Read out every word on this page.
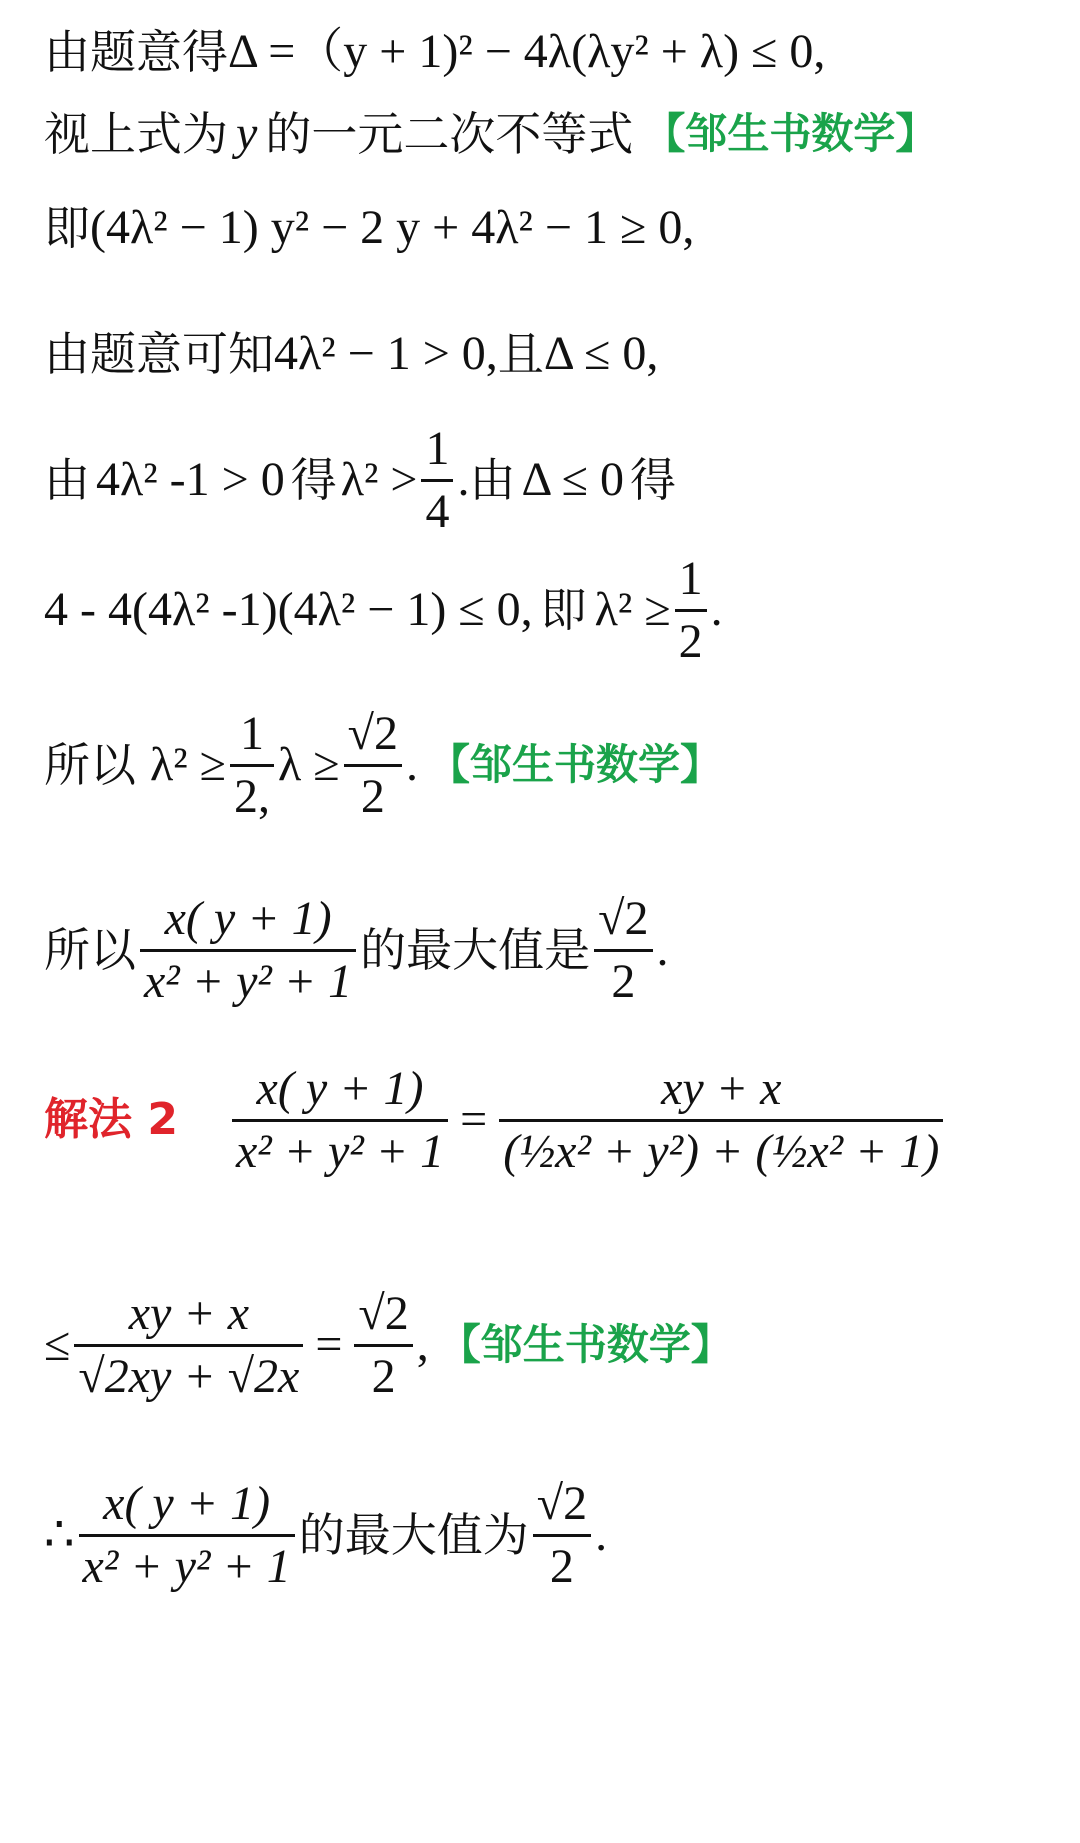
由题意得 Δ =（y + 1)² − 4λ(λy² + λ) ≤ 0,
视上式为 y 的一元二次不等式 【邹生书数学】
即 (4λ² − 1) y² − 2 y + 4λ² − 1 ≥ 0,
由题意可知 4λ² − 1 > 0, 且 Δ ≤ 0,
由 4λ² -1 > 0 得 $\lambda^2 > \frac{1}{4}$ . 由 Δ ≤ 0 得
4 - 4(4λ² -1)(4λ² − 1) ≤ 0, 即 $\lambda^2 \ge \frac{1}{2}$ .
所以 $\lambda^2 \ge \frac{1}{2,}$ $\lambda \ge \frac{√2}{2}$ . 【邹生书数学】
所以 $\frac{x( y + 1)}{\text{x² + y² + 1}}$ 的最大值是 $\frac{√2}{2}$ .
解法 $2 \frac{x( y + 1)}{\text{x² + y² + 1}} = \frac{xy + x}{\text{(½x² + y²) + (½x² + 1)}}$
≤ $\frac{xy + x}{√2xy + √2x} = \frac{√2}{2}$ , 【邹生书数学】
∴ $\frac{x( y + 1)}{\text{x² + y² + 1}}$ 的最大值为 $\frac{√2}{2}$ .
